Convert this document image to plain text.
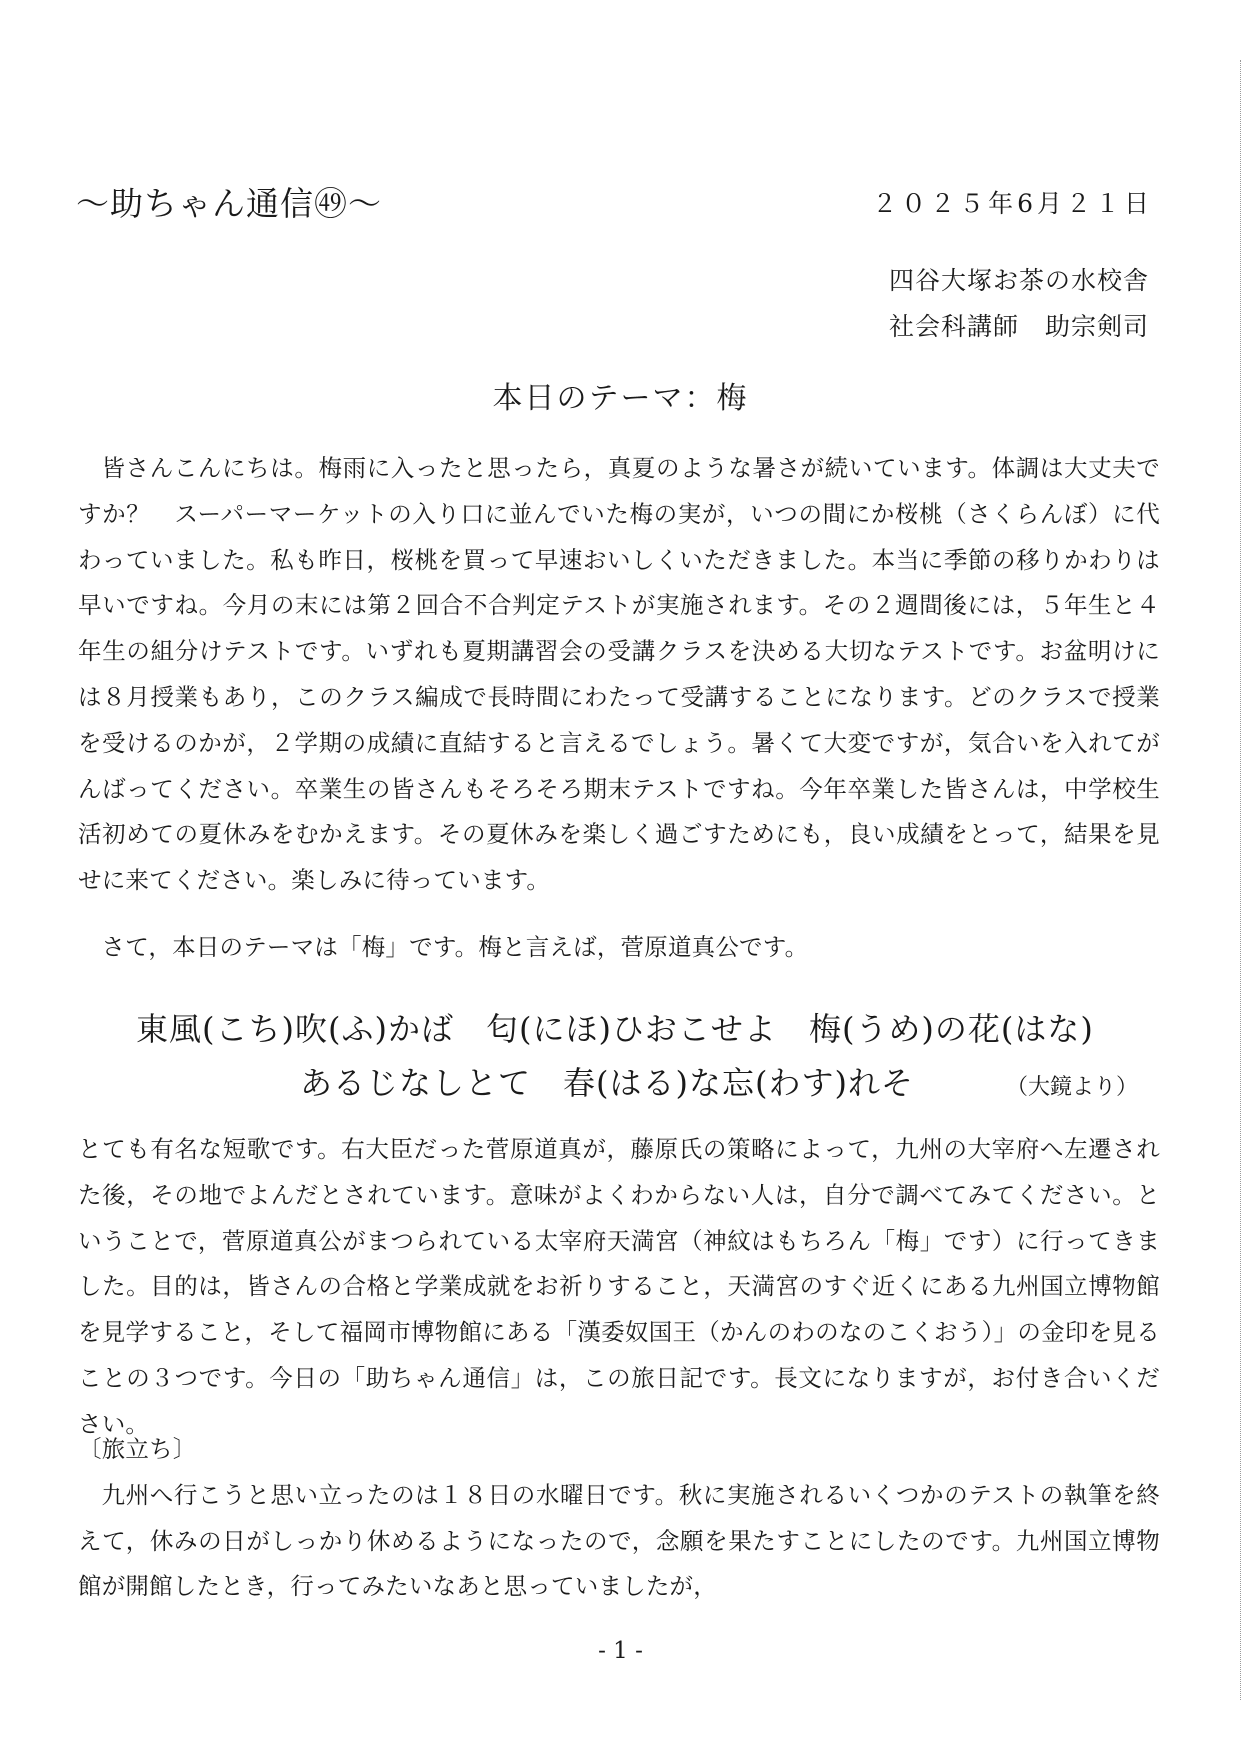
～助ちゃん通信㊾～	２０２５年6月２１日
四谷大塚お茶の水校舎
社会科講師　助宗剣司
本日のテーマ：梅

皆さんこんにちは。梅雨に入ったと思ったら，真夏のような暑さが続いています。体調は大丈夫ですか？　スーパーマーケットの入り口に並んでいた梅の実が，いつの間にか桜桃（さくらんぼ）に代わっていました。私も昨日，桜桃を買って早速おいしくいただきました。本当に季節の移りかわりは早いですね。今月の末には第２回合不合判定テストが実施されます。その２週間後には，５年生と４年生の組分けテストです。いずれも夏期講習会の受講クラスを決める大切なテストです。お盆明けには８月授業もあり，このクラス編成で長時間にわたって受講することになります。どのクラスで授業を受けるのかが，２学期の成績に直結すると言えるでしょう。暑くて大変ですが，気合いを入れてがんばってください。卒業生の皆さんもそろそろ期末テストですね。今年卒業した皆さんは，中学校生活初めての夏休みをむかえます。その夏休みを楽しく過ごすためにも，良い成績をとって，結果を見せに来てください。楽しみに待っています。

さて，本日のテーマは「梅」です。梅と言えば，菅原道真公です。

東風(こち)吹(ふ)かば 匂(にほ)ひおこせよ 梅(うめ)の花(はな)
あるじなしとて 春(はる)な忘(わす)れそ	（大鏡より）

とても有名な短歌です。右大臣だった菅原道真が，藤原氏の策略によって，九州の大宰府へ左遷された後，その地でよんだとされています。意味がよくわからない人は，自分で調べてみてください。ということで，菅原道真公がまつられている太宰府天満宮（神紋はもちろん「梅」です）に行ってきました。目的は，皆さんの合格と学業成就をお祈りすること，天満宮のすぐ近くにある九州国立博物館を見学すること，そして福岡市博物館にある「漢委奴国王（かんのわのなのこくおう）」の金印を見ることの３つです。今日の「助ちゃん通信」は，この旅日記です。長文になりますが，お付き合いください。

〔旅立ち〕

九州へ行こうと思い立ったのは１８日の水曜日です。秋に実施されるいくつかのテストの執筆を終えて，休みの日がしっかり休めるようになったので，念願を果たすことにしたのです。九州国立博物館が開館したとき，行ってみたいなあと思っていましたが，

- 1 -
